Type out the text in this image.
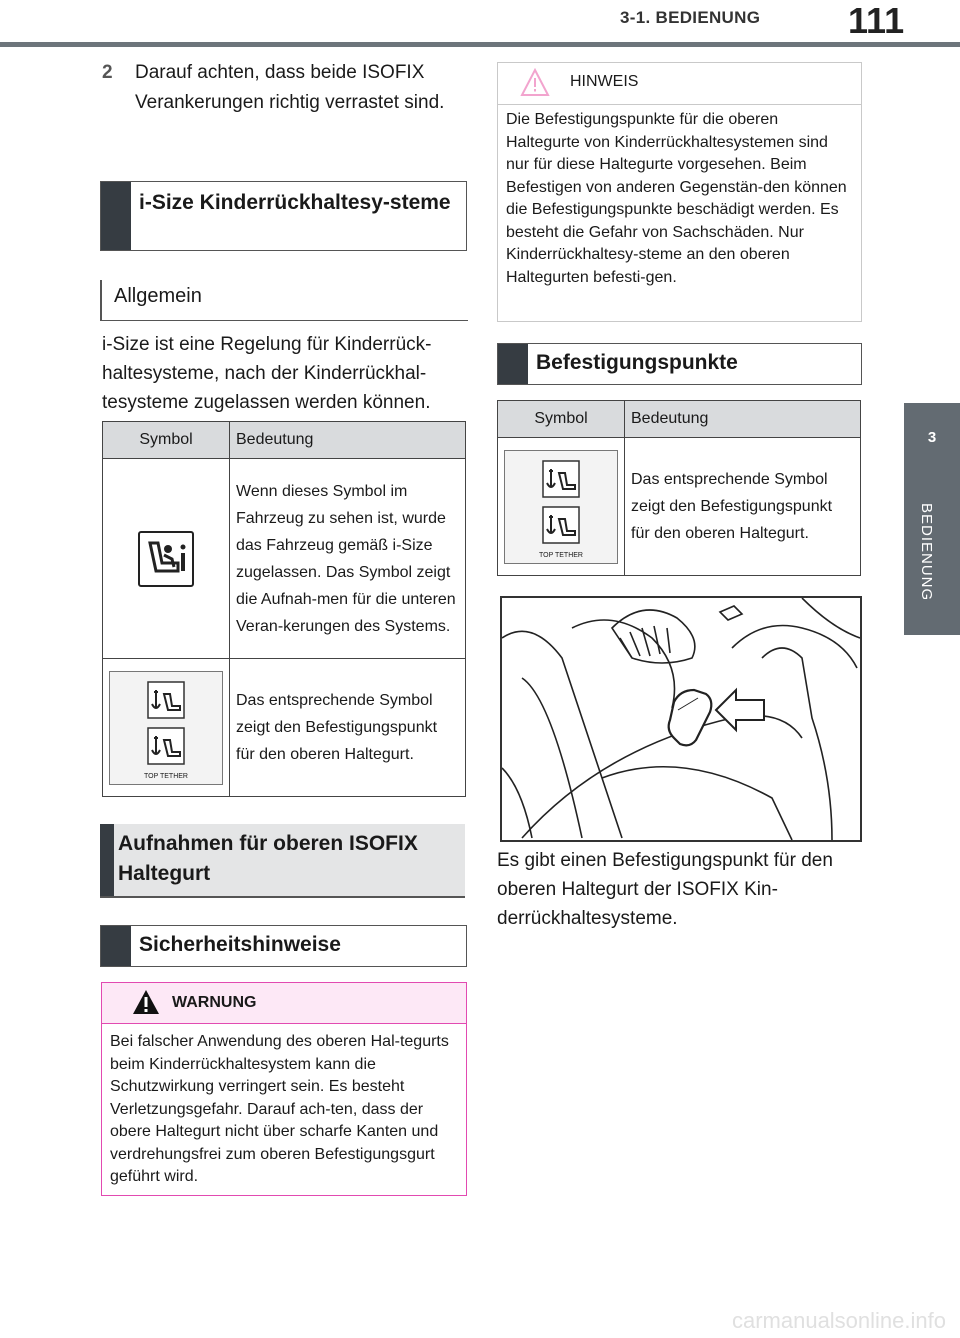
3-1. BEDIENUNG 111
3
BEDIENUNG
2 Darauf achten, dass beide ISOFIX Verankerungen richtig verrastet sind.
i-Size Kinderrückhaltesy-steme
Allgemein
i-Size ist eine Regelung für Kinderrück-haltesysteme, nach der Kinderrückhal-tesysteme zugelassen werden können.
Symbol	Bedeutung

Wenn dieses Symbol im Fahrzeug zu sehen ist, wurde das Fahrzeug gemäß i-Size zugelassen. Das Symbol zeigt die Aufnah-men für die unteren Veran-kerungen des Systems.

TOP TETHER	Das entsprechende Symbol zeigt den Befestigungspunkt für den oberen Haltegurt.
Aufnahmen für oberen ISOFIX Haltegurt
Sicherheitshinweise
WARNUNG
Bei falscher Anwendung des oberen Hal-tegurts beim Kinderrückhaltesystem kann die Schutzwirkung verringert sein. Es besteht Verletzungsgefahr. Darauf ach-ten, dass der obere Haltegurt nicht über scharfe Kanten und verdrehungsfrei zum oberen Befestigungsgurt geführt wird.
HINWEIS
Die Befestigungspunkte für die oberen Haltegurte von Kinderrückhaltesystemen sind nur für diese Haltegurte vorgesehen. Beim Befestigen von anderen Gegenstän-den können die Befestigungspunkte beschädigt werden. Es besteht die Gefahr von Sachschäden. Nur Kinderrückhaltesy-steme an den oberen Haltegurten befesti-gen.
Befestigungspunkte
Symbol	Bedeutung

TOP TETHER	Das entsprechende Symbol zeigt den Befestigungspunkt für den oberen Haltegurt.
Es gibt einen Befestigungspunkt für den oberen Haltegurt der ISOFIX Kin-derrückhaltesysteme.
carmanualsonline.info
